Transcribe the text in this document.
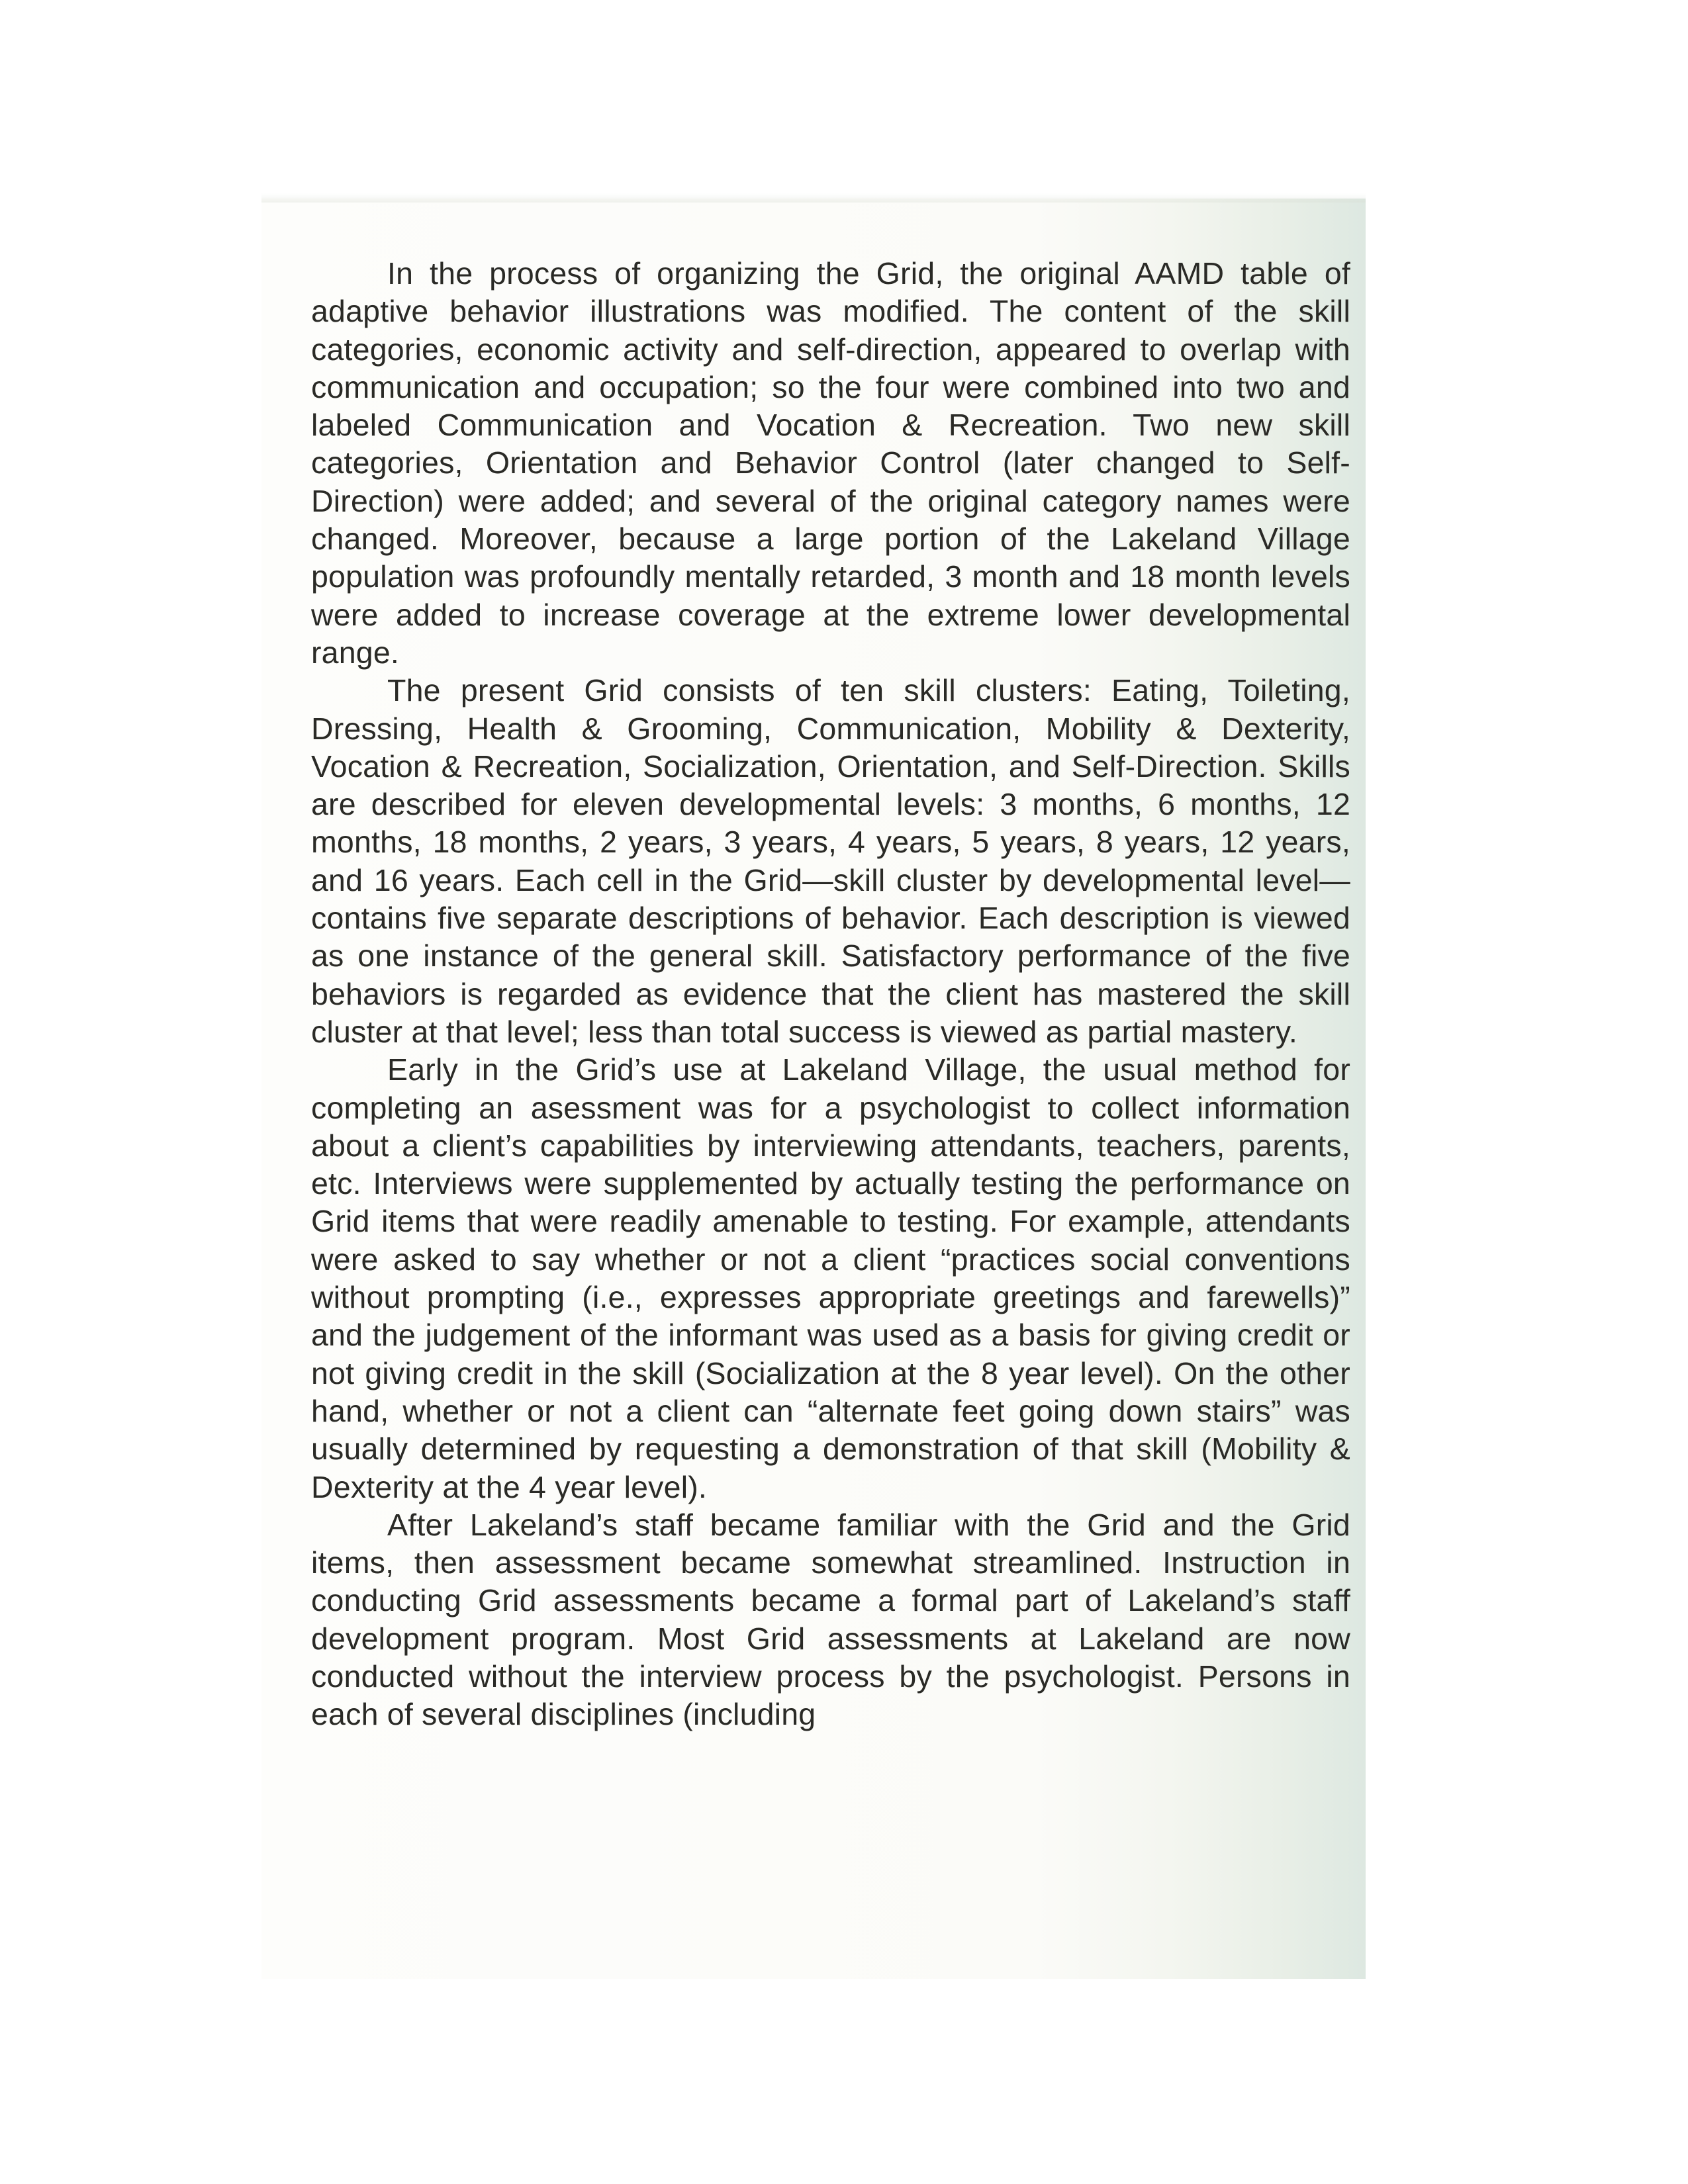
In the process of organizing the Grid, the original AAMD table of adaptive behavior illustrations was modified. The content of the skill categories, economic activity and self-direction, appeared to overlap with communication and occupation; so the four were combined into two and labeled Communication and Vocation & Recreation. Two new skill categories, Orientation and Behavior Control (later changed to Self-Direction) were added; and several of the original category names were changed. Moreover, because a large portion of the Lakeland Village population was profoundly mentally retarded, 3 month and 18 month levels were added to increase coverage at the extreme lower developmental range.

The present Grid consists of ten skill clusters: Eating, Toileting, Dressing, Health & Grooming, Communication, Mobility & Dexterity, Vocation & Recreation, Socialization, Orientation, and Self-Direction. Skills are described for eleven developmental levels: 3 months, 6 months, 12 months, 18 months, 2 years, 3 years, 4 years, 5 years, 8 years, 12 years, and 16 years. Each cell in the Grid—skill cluster by developmental level—contains five separate descriptions of behavior. Each description is viewed as one instance of the general skill. Satisfactory performance of the five behaviors is regarded as evidence that the client has mastered the skill cluster at that level; less than total success is viewed as partial mastery.

Early in the Grid’s use at Lakeland Village, the usual method for completing an asessment was for a psychologist to collect information about a client’s capabilities by interviewing attendants, teachers, parents, etc. Interviews were supplemented by actually testing the performance on Grid items that were readily amenable to testing. For example, attendants were asked to say whether or not a client “practices social conventions without prompting (i.e., expresses appropriate greetings and farewells)” and the judgement of the informant was used as a basis for giving credit or not giving credit in the skill (Socialization at the 8 year level). On the other hand, whether or not a client can “alternate feet going down stairs” was usually determined by requesting a demonstration of that skill (Mobility & Dexterity at the 4 year level).

After Lakeland’s staff became familiar with the Grid and the Grid items, then assessment became somewhat streamlined. Instruction in conducting Grid assessments became a formal part of Lakeland’s staff development program. Most Grid assessments at Lakeland are now conducted without the interview process by the psychologist. Persons in each of several disciplines (including
